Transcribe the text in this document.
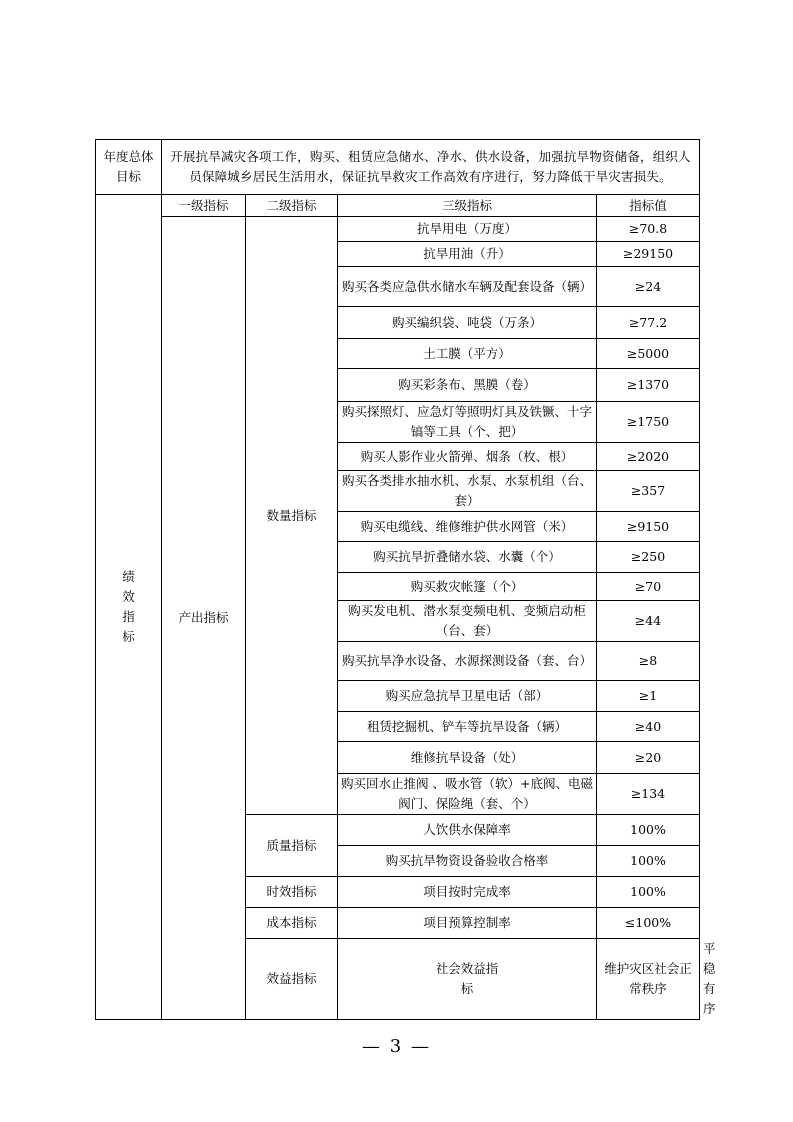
年度总体目标	开展抗旱减灾各项工作，购买、租赁应急储水、净水、供水设备，加强抗旱物资储备，组织人员保障城乡居民生活用水，保证抗旱救灾工作高效有序进行，努力降低干旱灾害损失。				
绩效指标	一级指标	二级指标	三级指标	指标值	
	产出指标	数量指标	抗旱用电（万度）	≥70.8	
			抗旱用油（升）	≥29150	
			购买各类应急供水储水车辆及配套设备（辆）	≥24	
			购买编织袋、吨袋（万条）	≥77.2	
			土工膜（平方）	≥5000	
			购买彩条布、黑膜（卷）	≥1370	
			购买探照灯、应急灯等照明灯具及铁镢、十字镐等工具（个、把）	≥1750	
			购买人影作业火箭弹、烟条（枚、根）	≥2020	
			购买各类排水抽水机、水泵、水泵机组（台、套）	≥357	
			购买电缆线、维修维护供水网管（米）	≥9150	
			购买抗旱折叠储水袋、水囊（个）	≥250	
			购买救灾帐篷（个）	≥70	
			购买发电机、潜水泵变频电机、变频启动柜（台、套）	≥44	
			购买抗旱净水设备、水源探测设备（套、台）	≥8	
			购买应急抗旱卫星电话（部）	≥1	
			租赁挖掘机、铲车等抗旱设备（辆）	≥40	
			维修抗旱设备（处）	≥20	
			购买回水止推阀 、吸水管（软）+底阀、电磁阀门、保险绳（套、个）	≥134	
		质量指标	人饮供水保障率	100%	
			购买抗旱物资设备验收合格率	100%	
		时效指标	项目按时完成率	100%	
		成本指标	项目预算控制率	≤100%	
		效益指标	社会效益指标	维护灾区社会正常秩序	平稳有序
— 3 —
